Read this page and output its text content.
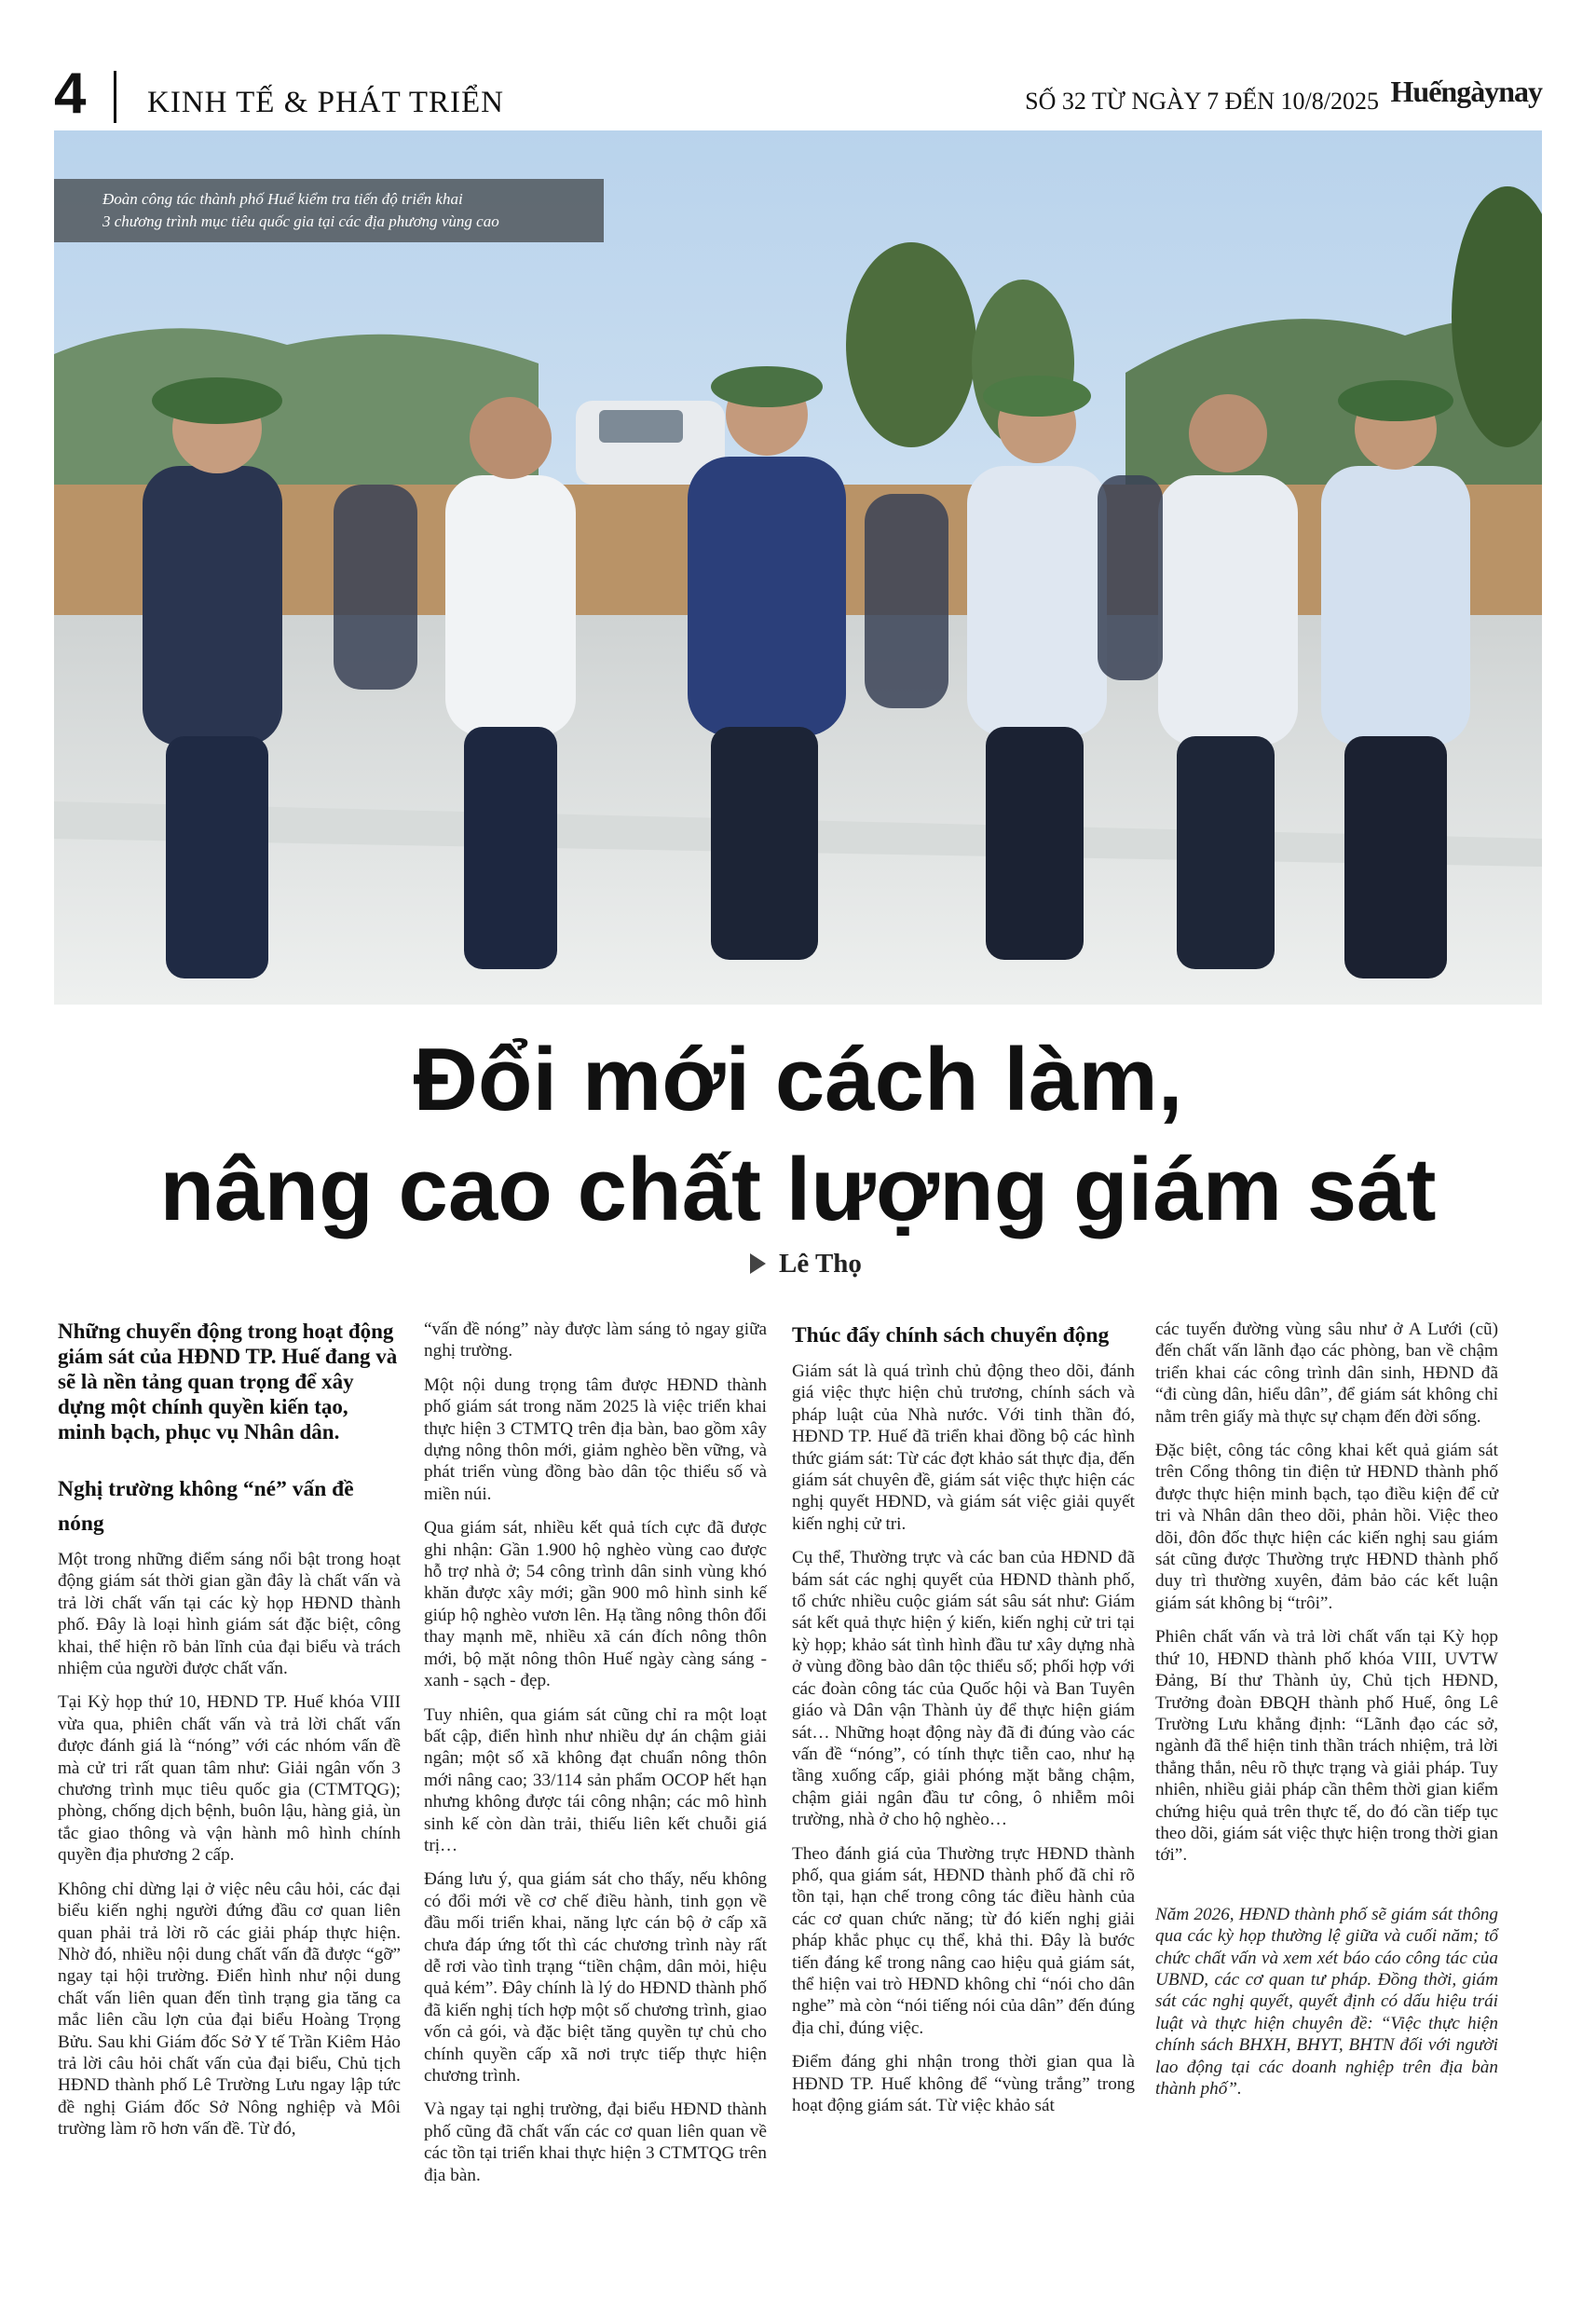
4 KINH TẾ & PHÁT TRIỂN	SỐ 32 TỪ NGÀY 7 ĐẾN 10/8/2025 Huếngàynay
Đoàn công tác thành phố Huế kiểm tra tiến độ triển khai
3 chương trình mục tiêu quốc gia tại các địa phương vùng cao
Đổi mới cách làm,
nâng cao chất lượng giám sát
Lê Thọ

Những chuyển động trong hoạt động giám sát của HĐND TP. Huế đang và sẽ là nền tảng quan trọng để xây dựng một chính quyền kiến tạo, minh bạch, phục vụ Nhân dân.

Nghị trường không “né” vấn đề nóng

Một trong những điểm sáng nổi bật trong hoạt động giám sát thời gian gần đây là chất vấn và trả lời chất vấn tại các kỳ họp HĐND thành phố. Đây là loại hình giám sát đặc biệt, công khai, thể hiện rõ bản lĩnh của đại biểu và trách nhiệm của người được chất vấn.

Tại Kỳ họp thứ 10, HĐND TP. Huế khóa VIII vừa qua, phiên chất vấn và trả lời chất vấn được đánh giá là “nóng” với các nhóm vấn đề mà cử tri rất quan tâm như: Giải ngân vốn 3 chương trình mục tiêu quốc gia (CTMTQG); phòng, chống dịch bệnh, buôn lậu, hàng giả, ùn tắc giao thông và vận hành mô hình chính quyền địa phương 2 cấp.

Không chỉ dừng lại ở việc nêu câu hỏi, các đại biểu kiến nghị người đứng đầu cơ quan liên quan phải trả lời rõ các giải pháp thực hiện. Nhờ đó, nhiều nội dung chất vấn đã được “gỡ” ngay tại hội trường. Điển hình như nội dung chất vấn liên quan đến tình trạng gia tăng ca mắc liên cầu lợn của đại biểu Hoàng Trọng Bửu. Sau khi Giám đốc Sở Y tế Trần Kiêm Hảo trả lời câu hỏi chất vấn của đại biểu, Chủ tịch HĐND thành phố Lê Trường Lưu ngay lập tức đề nghị Giám đốc Sở Nông nghiệp và Môi trường làm rõ hơn vấn đề. Từ đó,

“vấn đề nóng” này được làm sáng tỏ ngay giữa nghị trường.

Một nội dung trọng tâm được HĐND thành phố giám sát trong năm 2025 là việc triển khai thực hiện 3 CTMTQ trên địa bàn, bao gồm xây dựng nông thôn mới, giảm nghèo bền vững, và phát triển vùng đồng bào dân tộc thiểu số và miền núi.

Qua giám sát, nhiều kết quả tích cực đã được ghi nhận: Gần 1.900 hộ nghèo vùng cao được hỗ trợ nhà ở; 54 công trình dân sinh vùng khó khăn được xây mới; gần 900 mô hình sinh kế giúp hộ nghèo vươn lên. Hạ tầng nông thôn đổi thay mạnh mẽ, nhiều xã cán đích nông thôn mới, bộ mặt nông thôn Huế ngày càng sáng - xanh - sạch - đẹp.

Tuy nhiên, qua giám sát cũng chỉ ra một loạt bất cập, điển hình như nhiều dự án chậm giải ngân; một số xã không đạt chuẩn nông thôn mới nâng cao; 33/114 sản phẩm OCOP hết hạn nhưng không được tái công nhận; các mô hình sinh kế còn dàn trải, thiếu liên kết chuỗi giá trị…

Đáng lưu ý, qua giám sát cho thấy, nếu không có đổi mới về cơ chế điều hành, tinh gọn về đầu mối triển khai, năng lực cán bộ ở cấp xã chưa đáp ứng tốt thì các chương trình này rất dễ rơi vào tình trạng “tiền chậm, dân mỏi, hiệu quả kém”. Đây chính là lý do HĐND thành phố đã kiến nghị tích hợp một số chương trình, giao vốn cả gói, và đặc biệt tăng quyền tự chủ cho chính quyền cấp xã nơi trực tiếp thực hiện chương trình.

Và ngay tại nghị trường, đại biểu HĐND thành phố cũng đã chất vấn các cơ quan liên quan về các tồn tại triển khai thực hiện 3 CTMTQG trên địa bàn.

Thúc đẩy chính sách chuyển động

Giám sát là quá trình chủ động theo dõi, đánh giá việc thực hiện chủ trương, chính sách và pháp luật của Nhà nước. Với tinh thần đó, HĐND TP. Huế đã triển khai đồng bộ các hình thức giám sát: Từ các đợt khảo sát thực địa, đến giám sát chuyên đề, giám sát việc thực hiện các nghị quyết HĐND, và giám sát việc giải quyết kiến nghị cử tri.

Cụ thể, Thường trực và các ban của HĐND đã bám sát các nghị quyết của HĐND thành phố, tổ chức nhiều cuộc giám sát sâu sát như: Giám sát kết quả thực hiện ý kiến, kiến nghị cử tri tại kỳ họp; khảo sát tình hình đầu tư xây dựng nhà ở vùng đồng bào dân tộc thiểu số; phối hợp với các đoàn công tác của Quốc hội và Ban Tuyên giáo và Dân vận Thành ủy để thực hiện giám sát… Những hoạt động này đã đi đúng vào các vấn đề “nóng”, có tính thực tiễn cao, như hạ tầng xuống cấp, giải phóng mặt bằng chậm, chậm giải ngân đầu tư công, ô nhiễm môi trường, nhà ở cho hộ nghèo…

Theo đánh giá của Thường trực HĐND thành phố, qua giám sát, HĐND thành phố đã chỉ rõ tồn tại, hạn chế trong công tác điều hành của các cơ quan chức năng; từ đó kiến nghị giải pháp khắc phục cụ thể, khả thi. Đây là bước tiến đáng kể trong nâng cao hiệu quả giám sát, thể hiện vai trò HĐND không chỉ “nói cho dân nghe” mà còn “nói tiếng nói của dân” đến đúng địa chỉ, đúng việc.

Điểm đáng ghi nhận trong thời gian qua là HĐND TP. Huế không để “vùng trắng” trong hoạt động giám sát. Từ việc khảo sát

các tuyến đường vùng sâu như ở A Lưới (cũ) đến chất vấn lãnh đạo các phòng, ban về chậm triển khai các công trình dân sinh, HĐND đã “đi cùng dân, hiểu dân”, để giám sát không chỉ nằm trên giấy mà thực sự chạm đến đời sống.

Đặc biệt, công tác công khai kết quả giám sát trên Cổng thông tin điện tử HĐND thành phố được thực hiện minh bạch, tạo điều kiện để cử tri và Nhân dân theo dõi, phản hồi. Việc theo dõi, đôn đốc thực hiện các kiến nghị sau giám sát cũng được Thường trực HĐND thành phố duy trì thường xuyên, đảm bảo các kết luận giám sát không bị “trôi”.

Phiên chất vấn và trả lời chất vấn tại Kỳ họp thứ 10, HĐND thành phố khóa VIII, UVTW Đảng, Bí thư Thành ủy, Chủ tịch HĐND, Trưởng đoàn ĐBQH thành phố Huế, ông Lê Trường Lưu khẳng định: “Lãnh đạo các sở, ngành đã thể hiện tinh thần trách nhiệm, trả lời thẳng thắn, nêu rõ thực trạng và giải pháp. Tuy nhiên, nhiều giải pháp cần thêm thời gian kiểm chứng hiệu quả trên thực tế, do đó cần tiếp tục theo dõi, giám sát việc thực hiện trong thời gian tới”.

Năm 2026, HĐND thành phố sẽ giám sát thông qua các kỳ họp thường lệ giữa và cuối năm; tổ chức chất vấn và xem xét báo cáo công tác của UBND, các cơ quan tư pháp. Đồng thời, giám sát các nghị quyết, quyết định có dấu hiệu trái luật và thực hiện chuyên đề: “Việc thực hiện chính sách BHXH, BHYT, BHTN đối với người lao động tại các doanh nghiệp trên địa bàn thành phố”.
